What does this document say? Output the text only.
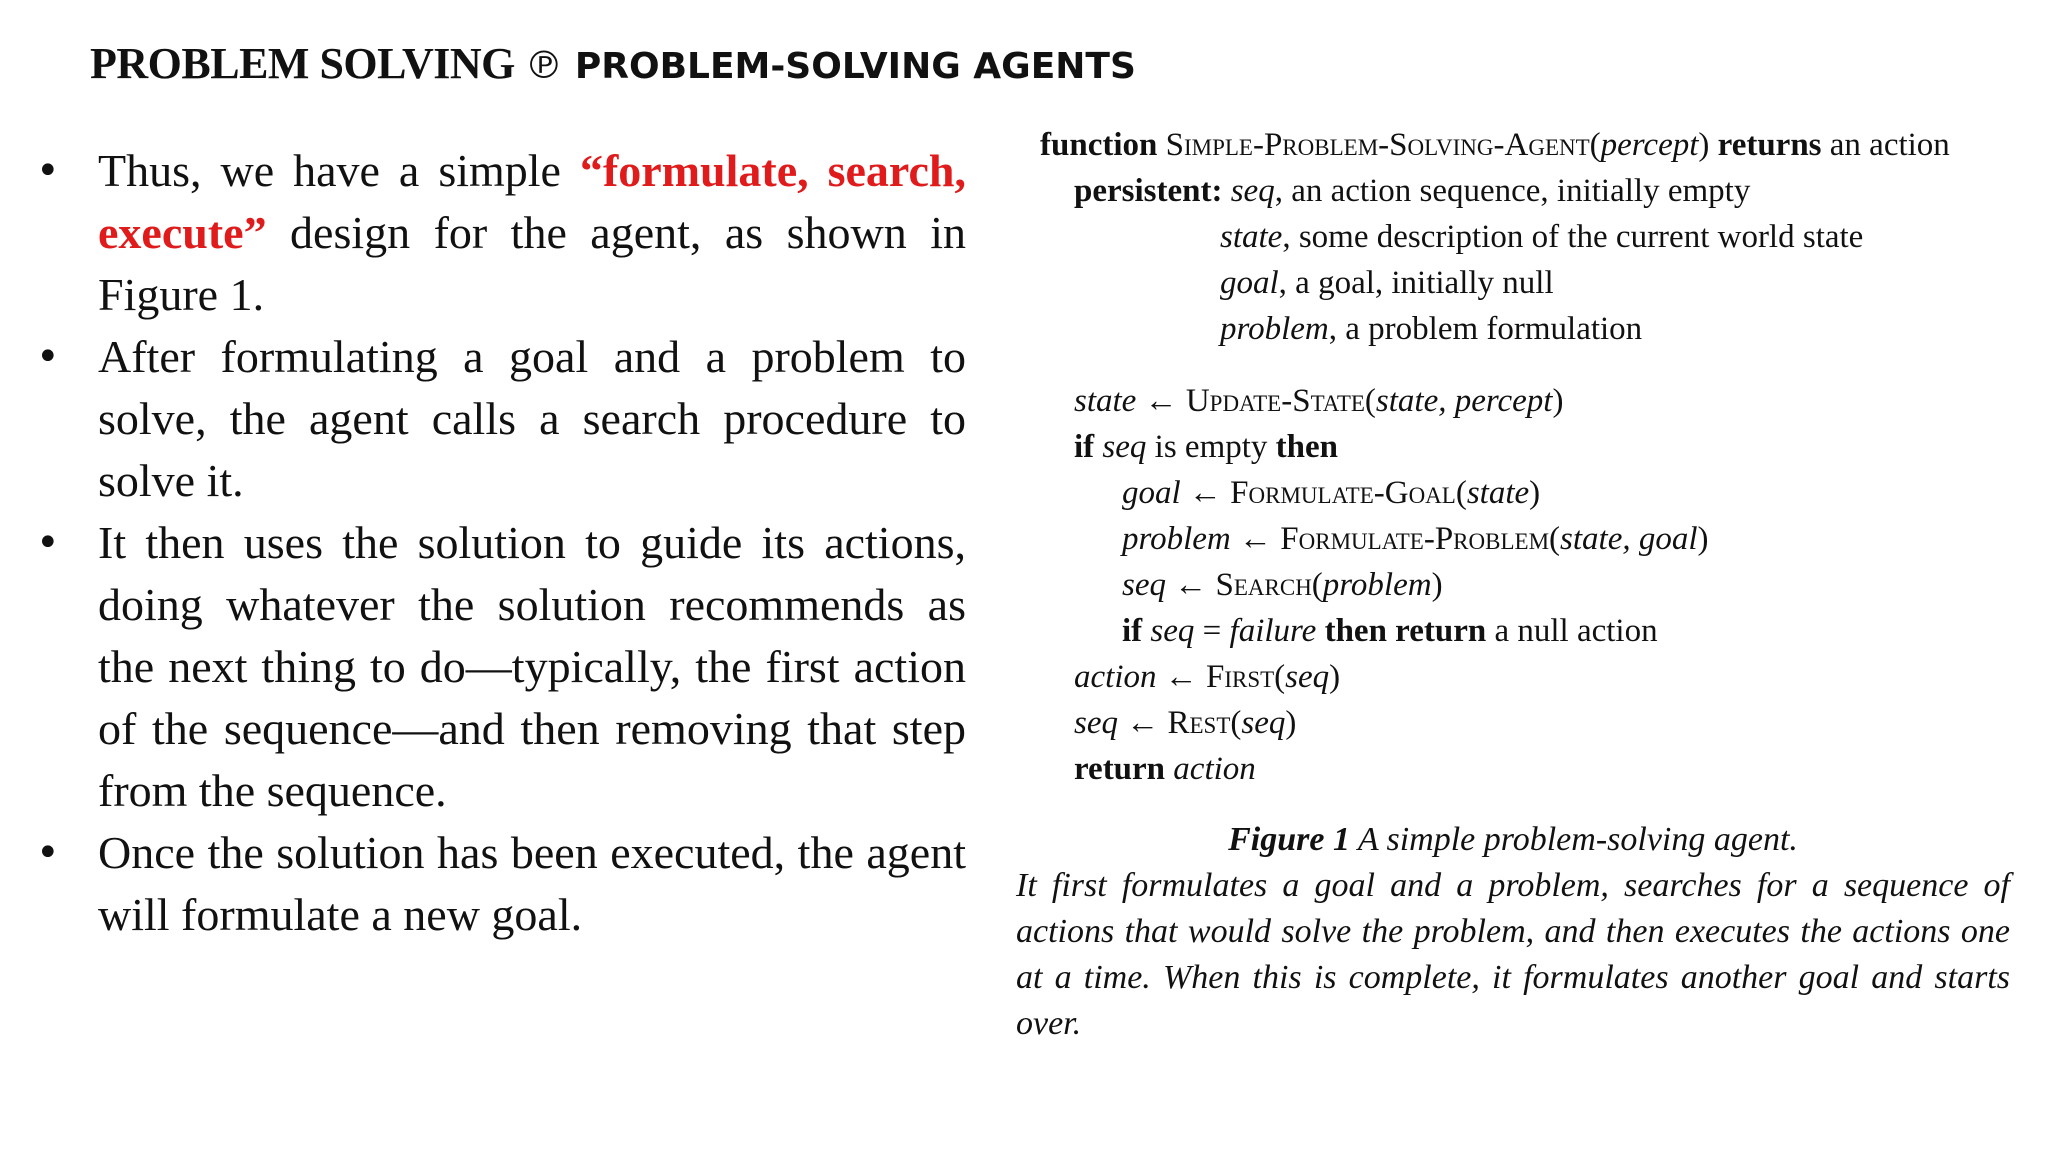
PROBLEM SOLVING ℗ PROBLEM-SOLVING AGENTS
• Thus, we have a simple “formulate, search, execute” design for the agent, as shown in Figure 1.
• After formulating a goal and a problem to solve, the agent calls a search procedure to solve it.
• It then uses the solution to guide its actions, doing whatever the solution recommends as the next thing to do—typically, the first action of the sequence—and then removing that step from the sequence.
• Once the solution has been executed, the agent will formulate a new goal.
function Simple-Problem-Solving-Agent(percept) returns an action
persistent: seq, an action sequence, initially empty
state, some description of the current world state
goal, a goal, initially null
problem, a problem formulation
state ← Update-State(state, percept)
if seq is empty then
goal ← Formulate-Goal(state)
problem ← Formulate-Problem(state, goal)
seq ← Search(problem)
if seq = failure then return a null action
action ← First(seq)
seq ← Rest(seq)
return action
Figure 1 A simple problem-solving agent.
It first formulates a goal and a problem, searches for a sequence of actions that would solve the problem, and then executes the actions one at a time. When this is complete, it formulates another goal and starts over.
